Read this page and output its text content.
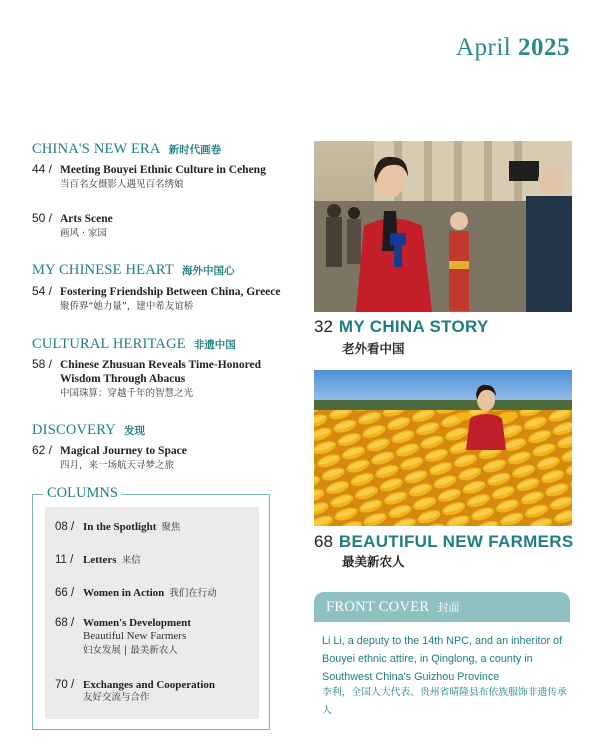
April 2025
CHINA'S NEW ERA 新时代画卷
44 / Meeting Bouyei Ethnic Culture in Ceheng
当百名女摄影人遇见百名绣娘
50 / Arts Scene
画风 · 家园
MY CHINESE HEART 海外中国心
54 / Fostering Friendship Between China, Greece
聚侨界“她力量”，建中希友谊桥
CULTURAL HERITAGE 非遗中国
58 / Chinese Zhusuan Reveals Time-Honored
Wisdom Through Abacus
中国珠算：穿越千年的智慧之光
DISCOVERY 发现
62 / Magical Journey to Space
四月，来一场航天寻梦之旅
COLUMNS
08 / In the Spotlight 聚焦
11 / Letters 来信
66 / Women in Action 我们在行动
68 / Women's Development
Beautiful New Farmers
妇女发展 | 最美新农人
70 / Exchanges and Cooperation
友好交流与合作
32 MY CHINA STORY
老外看中国
68 BEAUTIFUL NEW FARMERS
最美新农人
FRONT COVER 封面
Li Li, a deputy to the 14th NPC, and an inheritor of Bouyei ethnic attire, in Qinglong, a county in Southwest China's Guizhou Province
李利，全国人大代表、贵州省晴隆县布依族服饰非遗传承人
